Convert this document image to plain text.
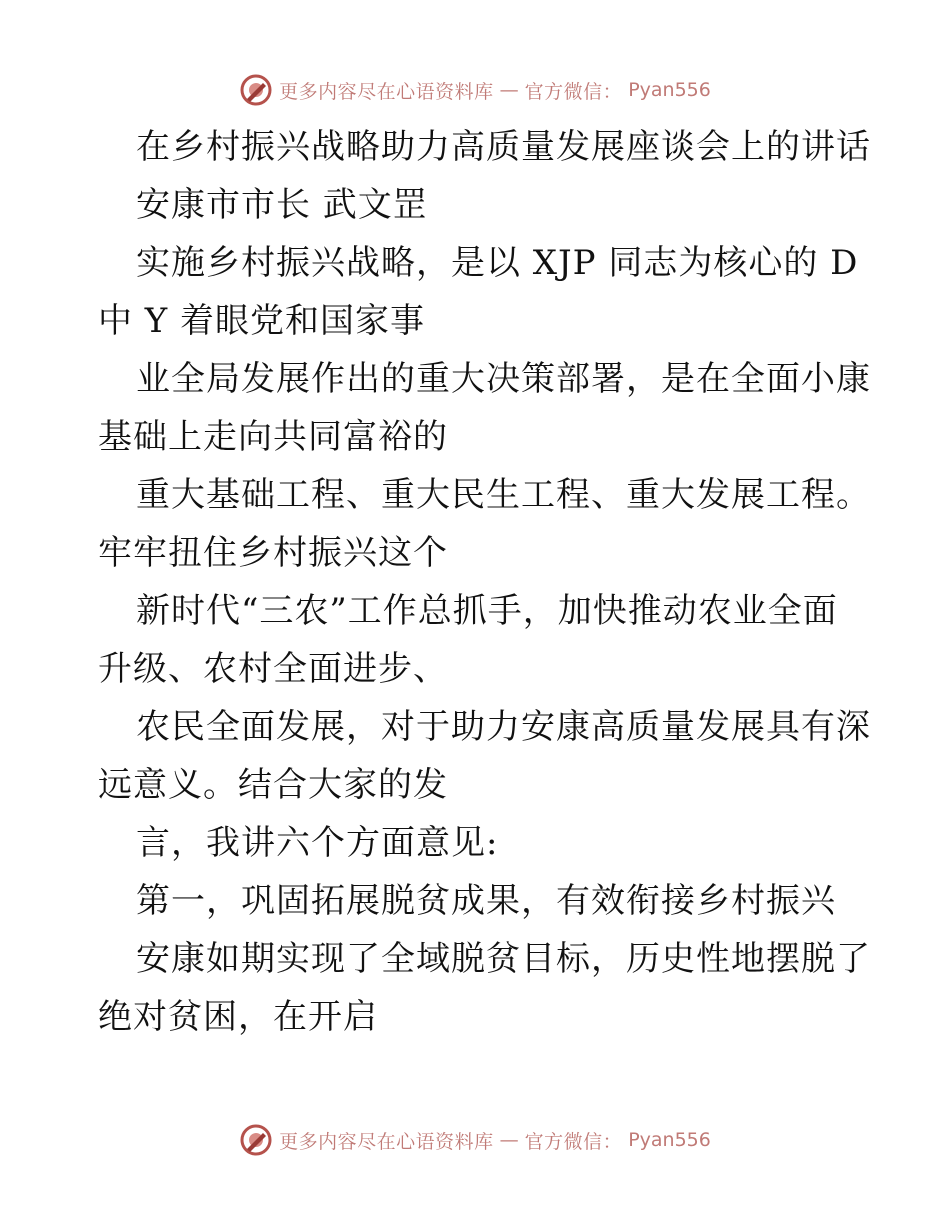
更多内容尽在心语资料库 — 官方微信： Pyan556
在乡村振兴战略助力高质量发展座谈会上的讲话
安康市市长 武文罡
实施乡村振兴战略，是以 XJP 同志为核心的 D
中 Y 着眼党和国家事
业全局发展作出的重大决策部署，是在全面小康
基础上走向共同富裕的
重大基础工程、重大民生工程、重大发展工程。
牢牢扭住乡村振兴这个
新时代“三农”工作总抓手，加快推动农业全面
升级、农村全面进步、
农民全面发展，对于助力安康高质量发展具有深
远意义。结合大家的发
言，我讲六个方面意见:
第一，巩固拓展脱贫成果，有效衔接乡村振兴
安康如期实现了全域脱贫目标，历史性地摆脱了
绝对贫困，在开启
更多内容尽在心语资料库 — 官方微信： Pyan556
